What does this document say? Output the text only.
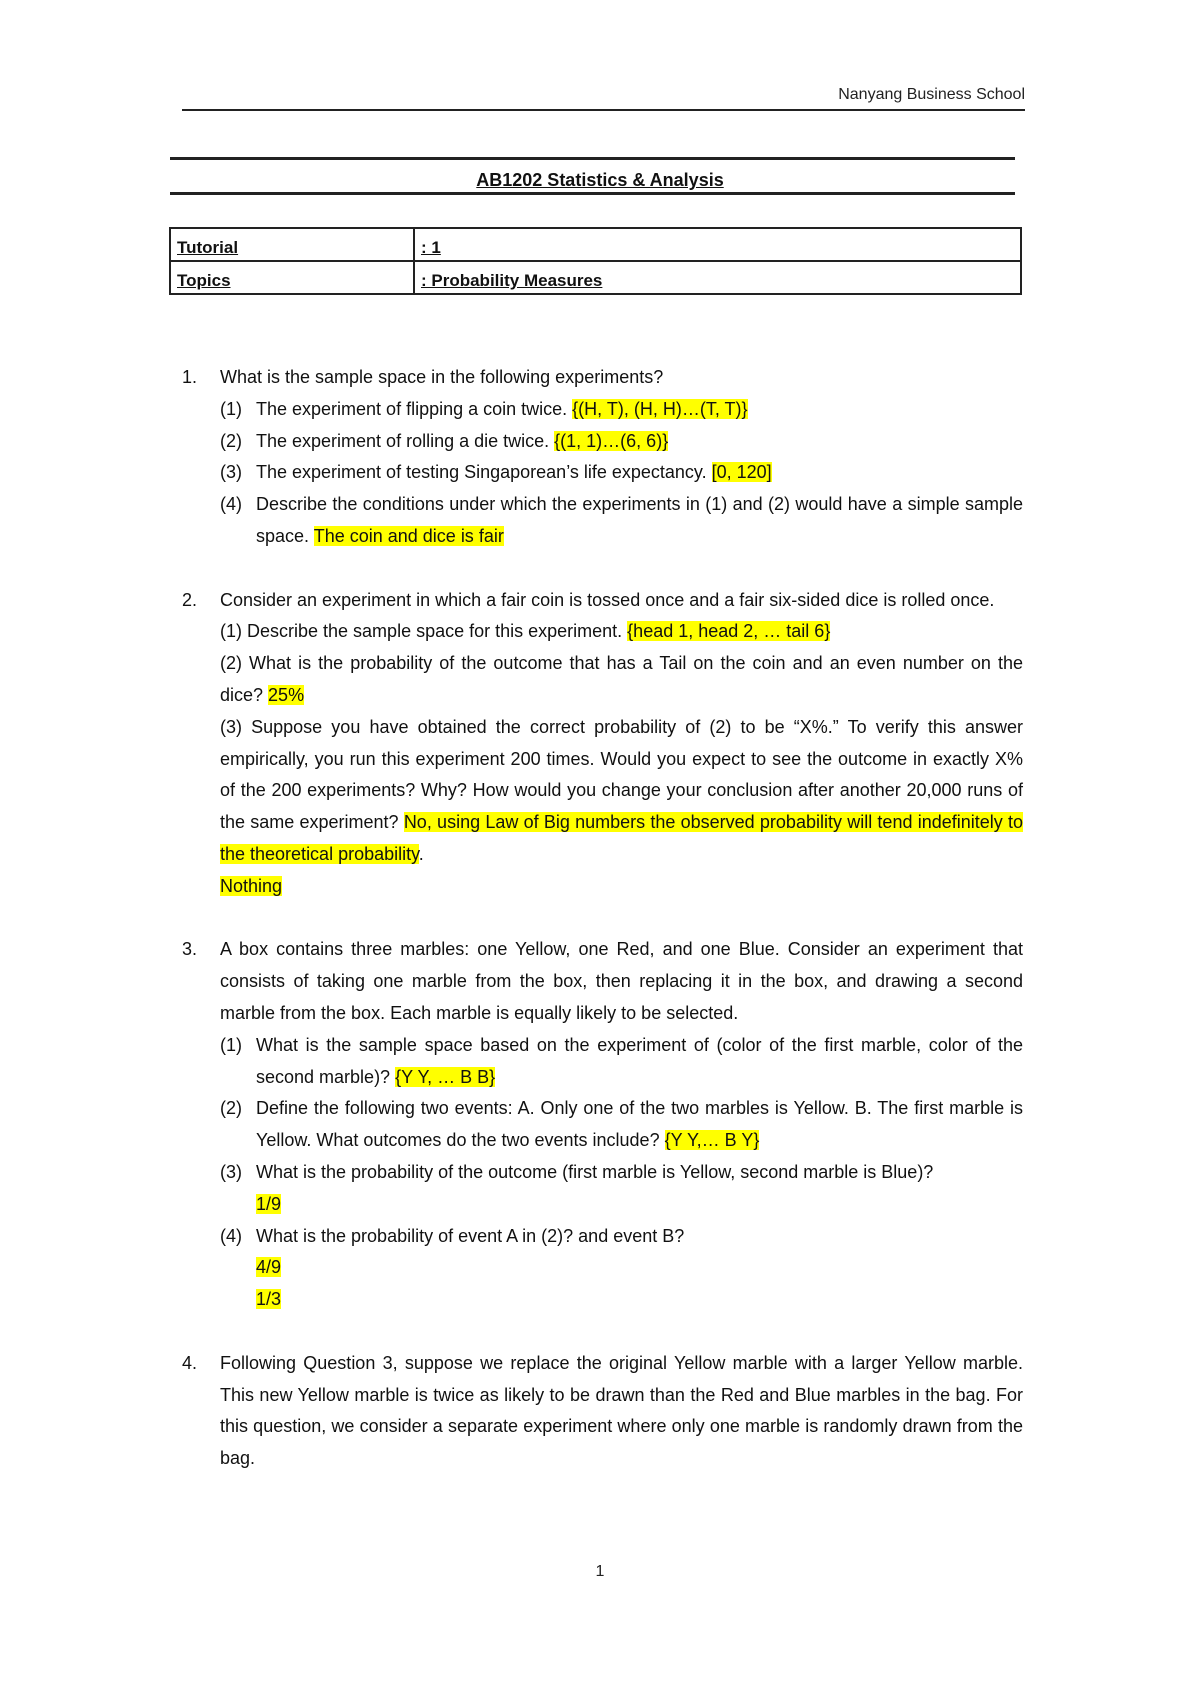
Nanyang Business School
AB1202 Statistics & Analysis
Tutorial	: 1
Topics	: Probability Measures
1. What is the sample space in the following experiments?

(1) The experiment of flipping a coin twice. {(H, T), (H, H)…(T, T)}
(2) The experiment of rolling a die twice. {(1, 1)…(6, 6)}
(3) The experiment of testing Singaporean’s life expectancy. [0, 120]
(4) Describe the conditions under which the experiments in (1) and (2) would have a simple sample space. The coin and dice is fair
2. Consider an experiment in which a fair coin is tossed once and a fair six-sided dice is rolled once.

(1) Describe the sample space for this experiment. {head 1, head 2, … tail 6}

(2) What is the probability of the outcome that has a Tail on the coin and an even number on the dice? 25%

(3) Suppose you have obtained the correct probability of (2) to be “X%.” To verify this answer empirically, you run this experiment 200 times. Would you expect to see the outcome in exactly X% of the 200 experiments? Why? How would you change your conclusion after another 20,000 runs of the same experiment? No, using Law of Big numbers the observed probability will tend indefinitely to the theoretical probability.
Nothing

3. A box contains three marbles: one Yellow, one Red, and one Blue. Consider an experiment that consists of taking one marble from the box, then replacing it in the box, and drawing a second marble from the box. Each marble is equally likely to be selected.

(1) What is the sample space based on the experiment of (color of the first marble, color of the second marble)? {Y Y, … B B}
(2) Define the following two events: A. Only one of the two marbles is Yellow. B. The first marble is Yellow. What outcomes do the two events include? {Y Y,… B Y}
(3) What is the probability of the outcome (first marble is Yellow, second marble is Blue)?
1/9
(4) What is the probability of event A in (2)? and event B?
4/9
1/3
4. Following Question 3, suppose we replace the original Yellow marble with a larger Yellow marble. This new Yellow marble is twice as likely to be drawn than the Red and Blue marbles in the bag. For this question, we consider a separate experiment where only one marble is randomly drawn from the bag.

1
